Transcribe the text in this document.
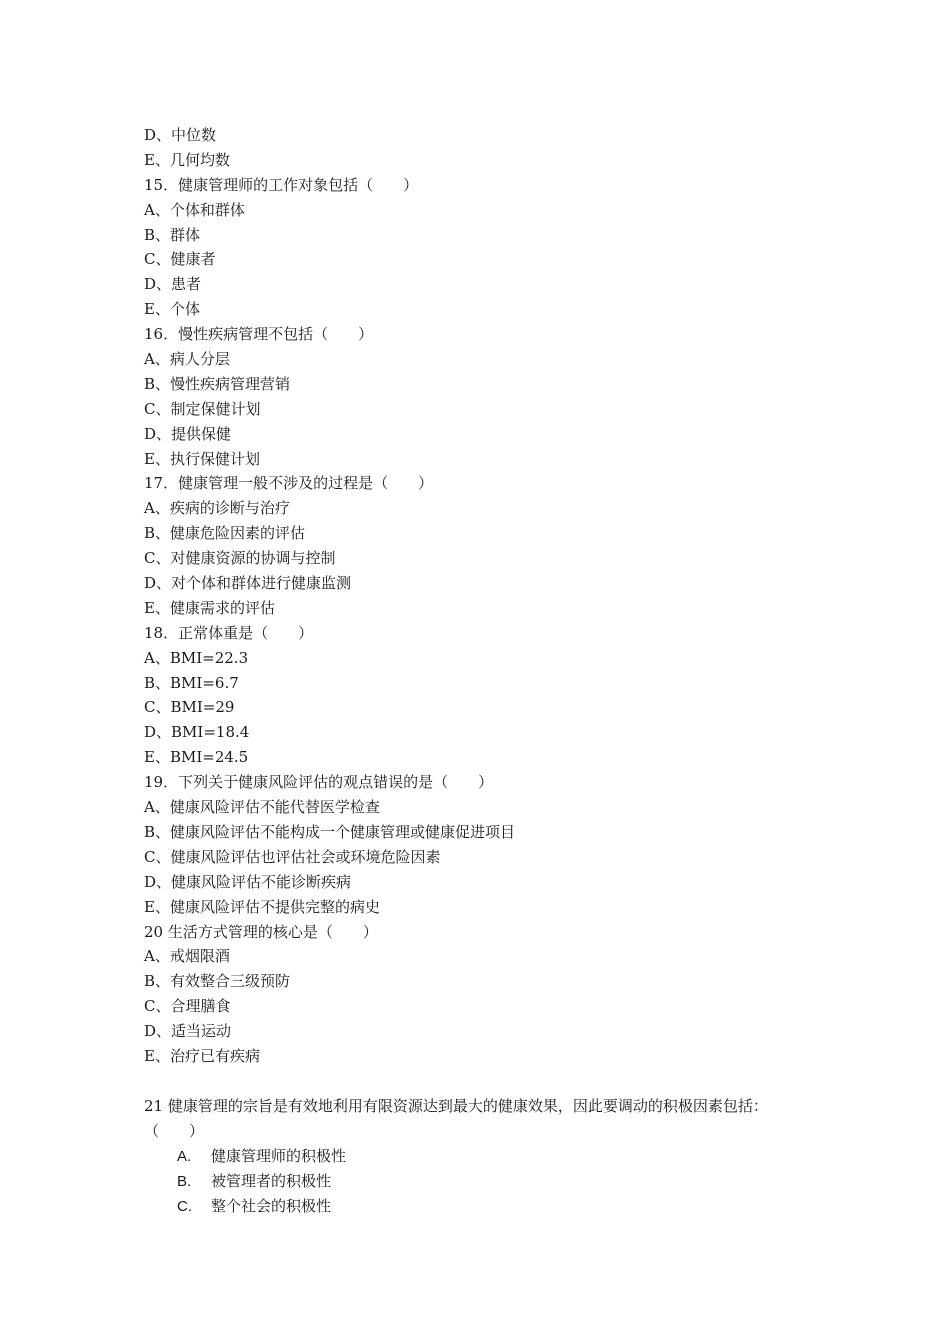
D、中位数
E、几何均数
15．健康管理师的工作对象包括（　　）
A、个体和群体
B、群体
C、健康者
D、患者
E、个体
16．慢性疾病管理不包括（　　）
A、病人分层
B、慢性疾病管理营销
C、制定保健计划
D、提供保健
E、执行保健计划
17．健康管理一般不涉及的过程是（　　）
A、疾病的诊断与治疗
B、健康危险因素的评估
C、对健康资源的协调与控制
D、对个体和群体进行健康监测
E、健康需求的评估
18．正常体重是（　　）
A、BMI=22.3
B、BMI=6.7
C、BMI=29
D、BMI=18.4
E、BMI=24.5
19．下列关于健康风险评估的观点错误的是（　　）
A、健康风险评估不能代替医学检查
B、健康风险评估不能构成一个健康管理或健康促进项目
C、健康风险评估也评估社会或环境危险因素
D、健康风险评估不能诊断疾病
E、健康风险评估不提供完整的病史
20 生活方式管理的核心是（　　）
A、戒烟限酒
B、有效整合三级预防
C、合理膳食
D、适当运动
E、治疗已有疾病
21 健康管理的宗旨是有效地利用有限资源达到最大的健康效果，因此要调动的积极因素包括：（　　）
A. 健康管理师的积极性
B. 被管理者的积极性
C. 整个社会的积极性
